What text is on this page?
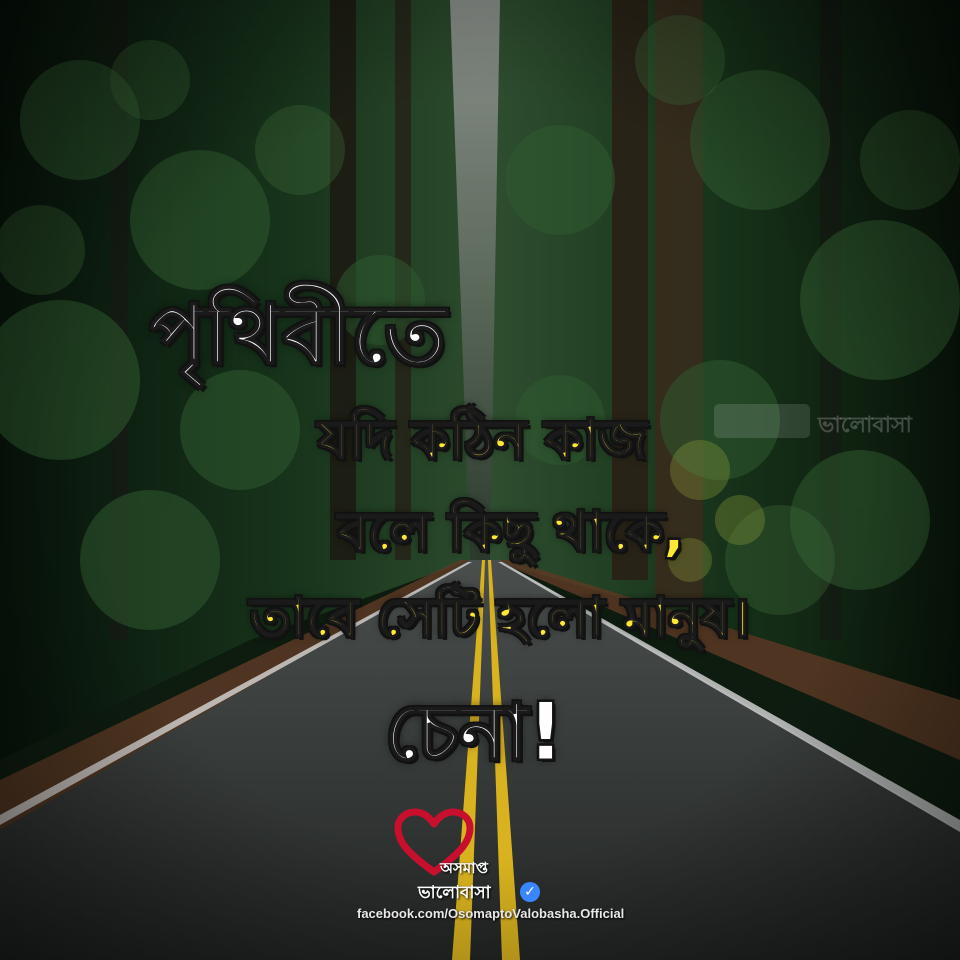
ভালোবাসা

পৃথিবীতে

যদি কঠিন কাজ

বলে কিছু থাকে,

তাবে সেটি হলো মানুষ।

চেনা!

অসমাপ্ত

ভালোবাসা ✓

facebook.com/OsomaptoValobasha.Official
